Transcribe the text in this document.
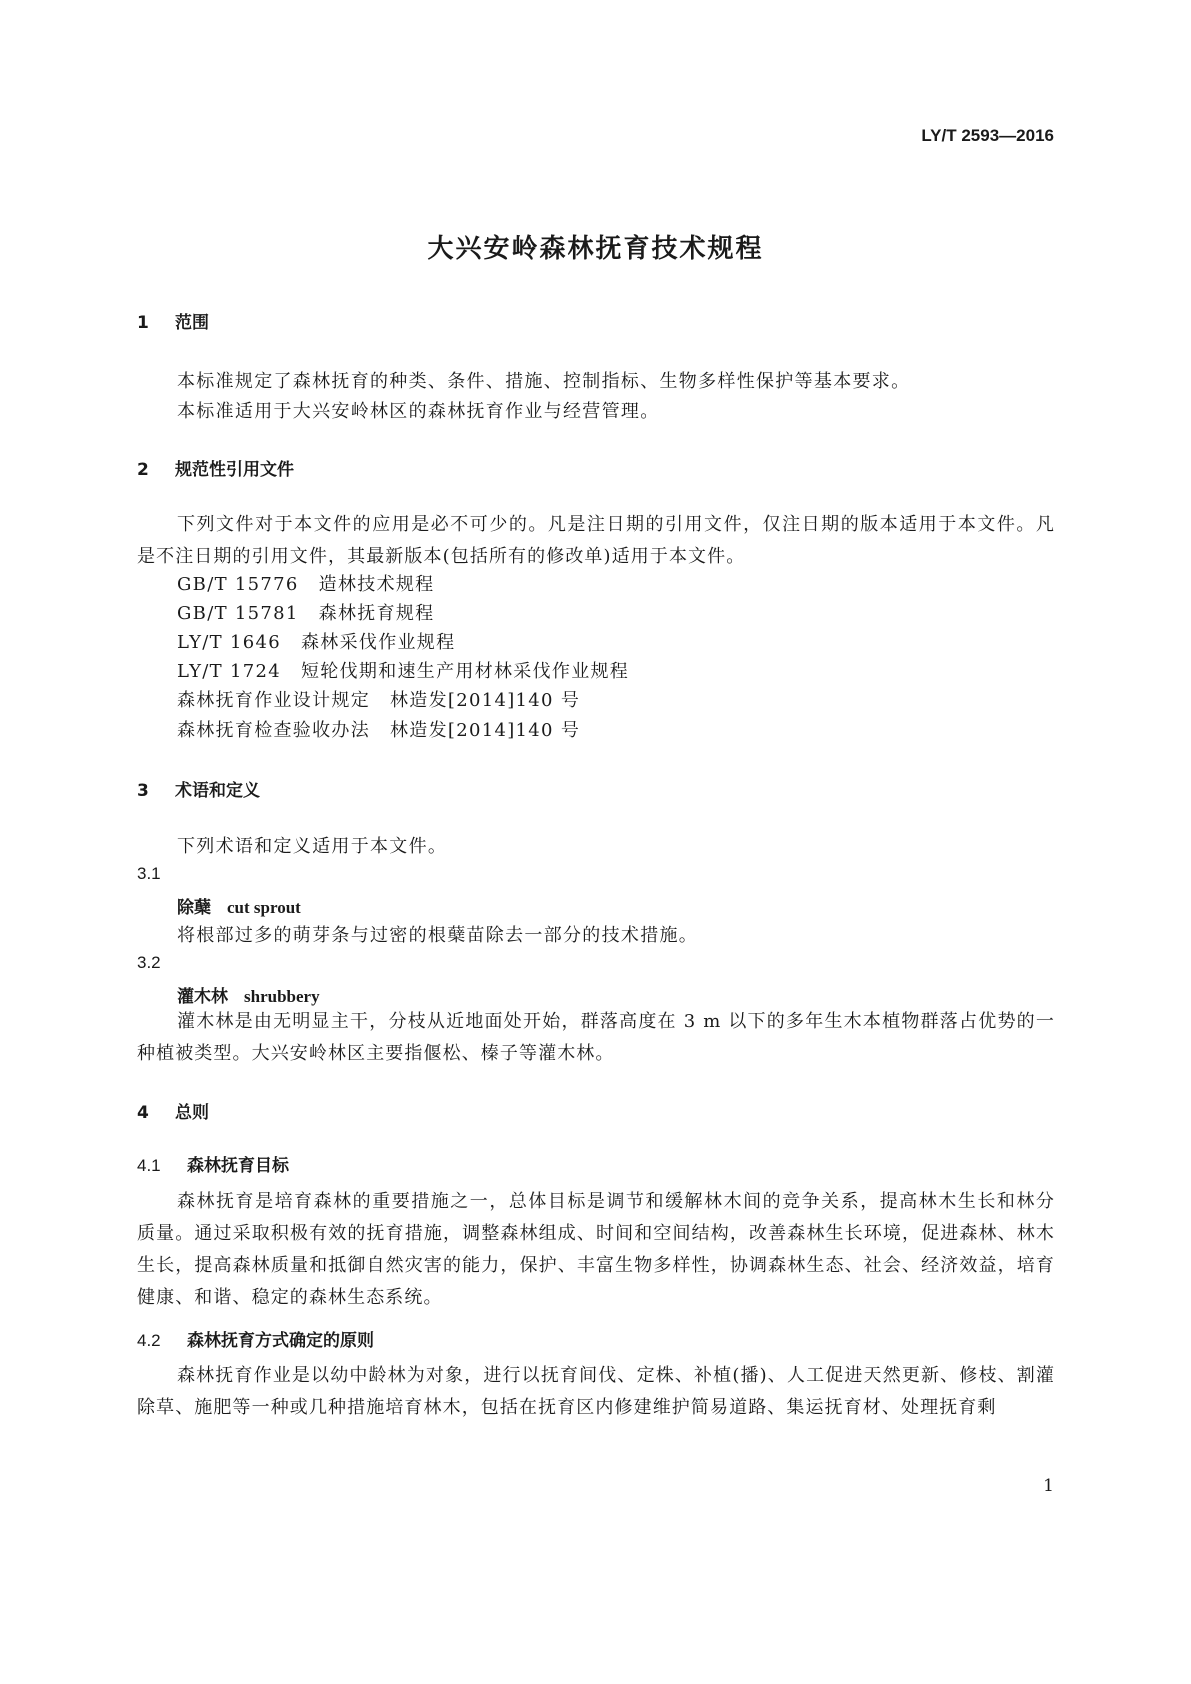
LY/T 2593—2016
大兴安岭森林抚育技术规程
1 范围
本标准规定了森林抚育的种类、条件、措施、控制指标、生物多样性保护等基本要求。
本标准适用于大兴安岭林区的森林抚育作业与经营管理。
2 规范性引用文件
下列文件对于本文件的应用是必不可少的。凡是注日期的引用文件，仅注日期的版本适用于本文件。凡是不注日期的引用文件，其最新版本(包括所有的修改单)适用于本文件。
GB/T 15776 造林技术规程
GB/T 15781 森林抚育规程
LY/T 1646 森林采伐作业规程
LY/T 1724 短轮伐期和速生产用材林采伐作业规程
森林抚育作业设计规定 林造发[2014]140 号
森林抚育检查验收办法 林造发[2014]140 号
3 术语和定义
下列术语和定义适用于本文件。
3.1
除蘖 cut sprout
将根部过多的萌芽条与过密的根蘖苗除去一部分的技术措施。
3.2
灌木林 shrubbery
灌木林是由无明显主干，分枝从近地面处开始，群落高度在 3 m 以下的多年生木本植物群落占优势的一种植被类型。大兴安岭林区主要指偃松、榛子等灌木林。
4 总则
4.1 森林抚育目标
森林抚育是培育森林的重要措施之一，总体目标是调节和缓解林木间的竞争关系，提高林木生长和林分质量。通过采取积极有效的抚育措施，调整森林组成、时间和空间结构，改善森林生长环境，促进森林、林木生长，提高森林质量和抵御自然灾害的能力，保护、丰富生物多样性，协调森林生态、社会、经济效益，培育健康、和谐、稳定的森林生态系统。
4.2 森林抚育方式确定的原则
森林抚育作业是以幼中龄林为对象，进行以抚育间伐、定株、补植(播)、人工促进天然更新、修枝、割灌除草、施肥等一种或几种措施培育林木，包括在抚育区内修建维护简易道路、集运抚育材、处理抚育剩
1
